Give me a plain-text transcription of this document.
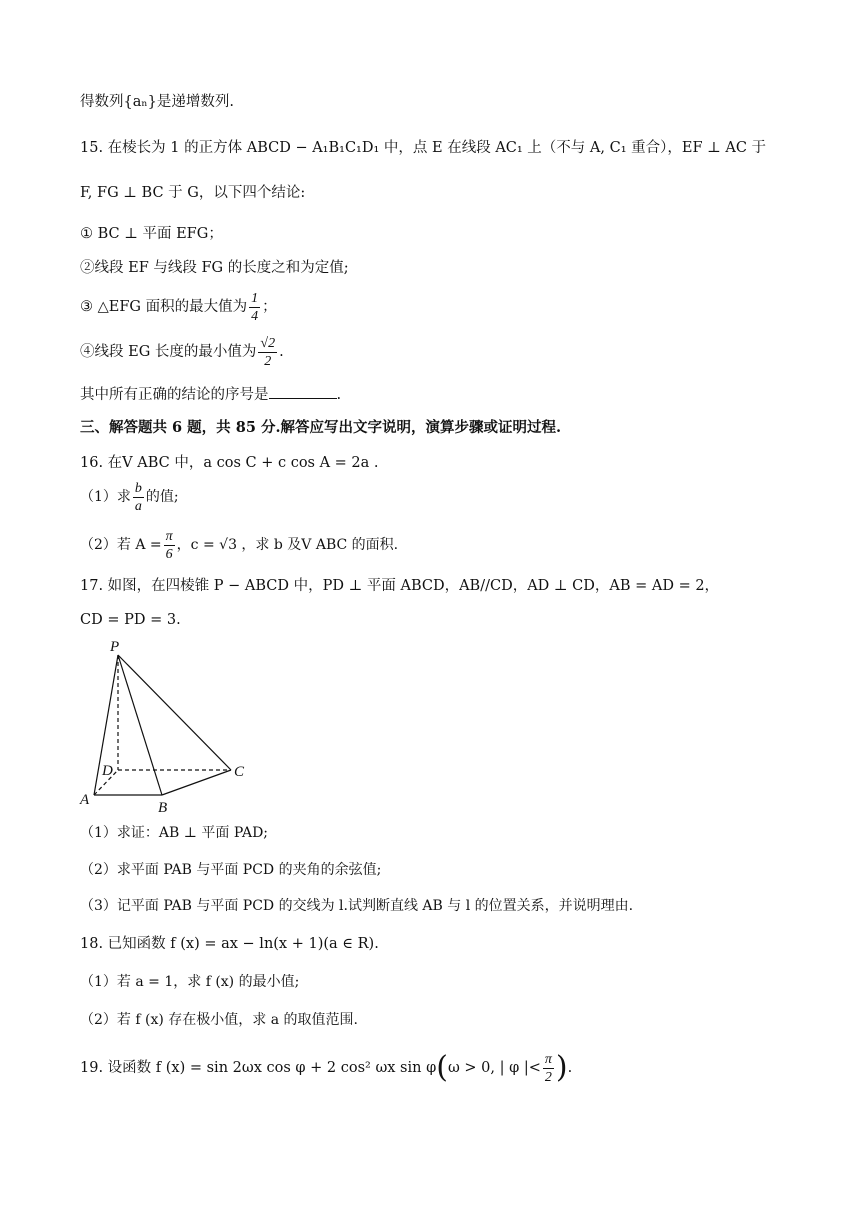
得数列{aₙ}是递增数列.
15. 在棱长为 1 的正方体 ABCD − A₁B₁C₁D₁ 中，点 E 在线段 AC₁ 上（不与 A, C₁ 重合），EF ⊥ AC 于
F, FG ⊥ BC 于 G，以下四个结论:
① BC ⊥ 平面 EFG；
②线段 EF 与线段 FG 的长度之和为定值;
③ △EFG 面积的最大值为 $\frac{1}{4}$ ；
④线段 EG 长度的最小值为 $\frac{√2}{2}$ .
其中所有正确的结论的序号是	.
三、解答题共 6 题，共 85 分.解答应写出文字说明，演算步骤或证明过程.
16. 在V ABC 中，a cos C + c cos A = 2a .
（1）求 $\frac{b}{a}$ 的值;
（2）若 $A = \frac{\pi}{6}$ ，c = √3 ，求 b 及V ABC 的面积.
17. 如图，在四棱锥 P − ABCD 中，PD ⊥ 平面 ABCD，AB//CD，AD ⊥ CD，AB = AD = 2，
CD = PD = 3.
P
D	C
A	B
（1）求证：AB ⊥ 平面 PAD;
（2）求平面 PAB 与平面 PCD 的夹角的余弦值;
（3）记平面 PAB 与平面 PCD 的交线为 l.试判断直线 AB 与 l 的位置关系，并说明理由.
18. 已知函数 f (x) = ax − ln(x + 1)(a ∈ R).
（1）若 a = 1，求 f (x) 的最小值;
（2）若 f (x) 存在极小值，求 a 的取值范围.
19. 设函数 f (x) = sin 2ωx cos φ + 2 cos² ωx sin φ(ω > 0, | φ |< $\frac{\pi}{2}$ ).
